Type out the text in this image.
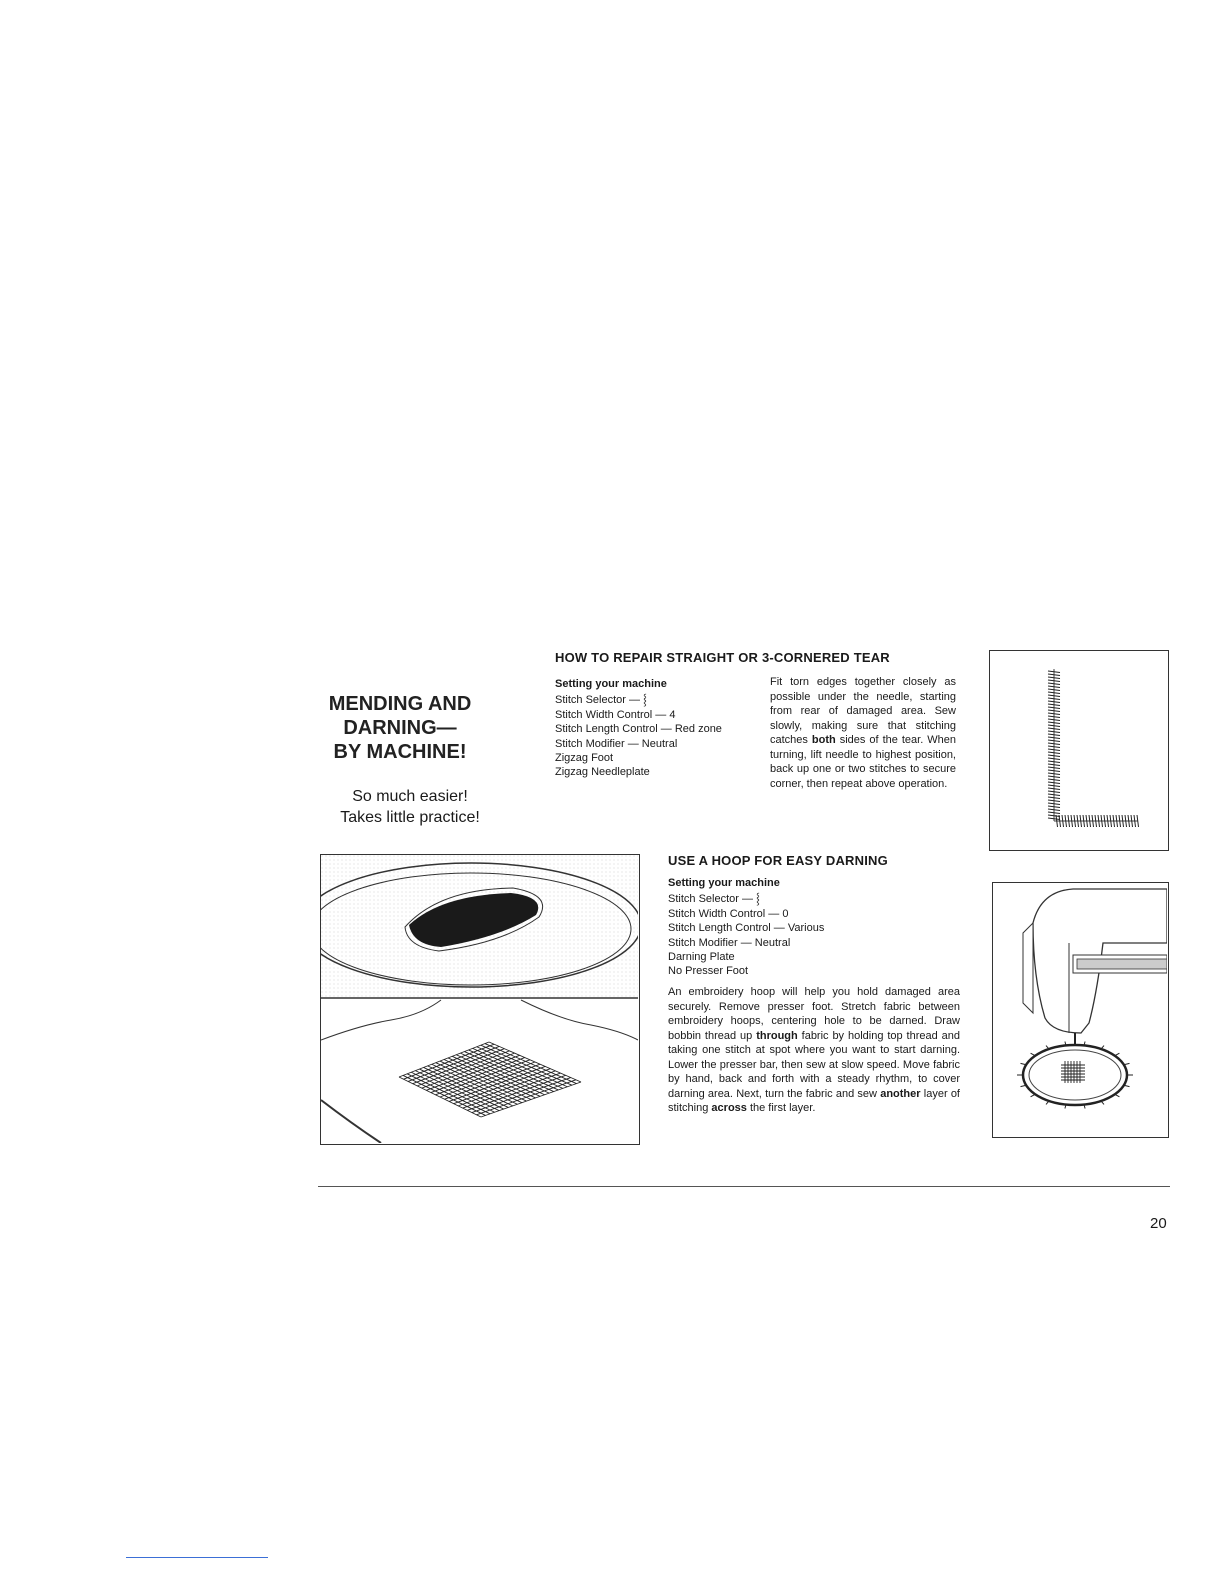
MENDING AND
DARNING—
BY MACHINE!
So much easier!
Takes little practice!
HOW TO REPAIR STRAIGHT OR 3-CORNERED TEAR
Setting your machine
Stitch Selector — ⸾
Stitch Width Control — 4
Stitch Length Control — Red zone
Stitch Modifier — Neutral
Zigzag Foot
Zigzag Needleplate
Fit torn edges together closely as possible under the needle, starting from rear of damaged area. Sew slowly, making sure that stitching catches both sides of the tear. When turning, lift needle to highest position, back up one or two stitches to secure corner, then repeat above operation.
USE A HOOP FOR EASY DARNING
Setting your machine
Stitch Selector — ⸾
Stitch Width Control — 0
Stitch Length Control — Various
Stitch Modifier — Neutral
Darning Plate
No Presser Foot
An embroidery hoop will help you hold damaged area securely. Remove presser foot. Stretch fabric between embroidery hoops, centering hole to be darned. Draw bobbin thread up through fabric by holding top thread and taking one stitch at spot where you want to start darning. Lower the presser bar, then sew at slow speed. Move fabric by hand, back and forth with a steady rhythm, to cover darning area. Next, turn the fabric and sew another layer of stitching across the first layer.
20
